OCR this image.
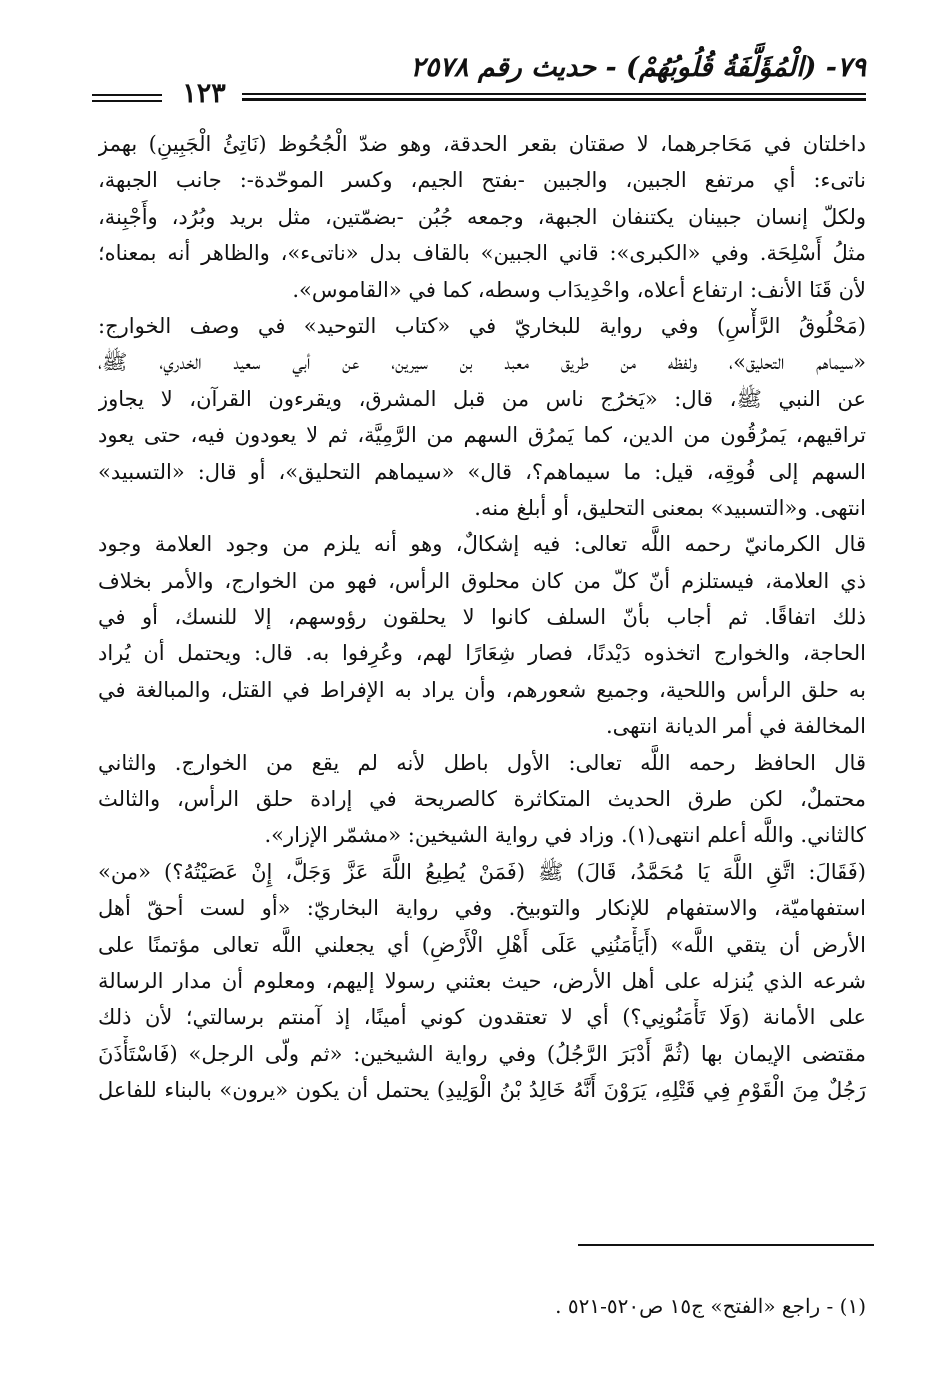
٧٩- (الْمُؤَلَّفَةُ قُلُوبُهُمْ) - حديث رقم ٢٥٧٨
١٢٣
داخلتان في مَحَاجرهما، لا صقتان بقعر الحدقة، وهو ضدّ الْجُحُوظ (نَاتِئُ الْجَبِينِ) بهمز
ناتىء: أي مرتفع الجبين، والجبين -بفتح الجيم، وكسر الموحّدة-: جانب الجبهة،
ولكلّ إنسان جبينان يكتنفان الجبهة، وجمعه جُبُن -بضمّتين، مثل بريد وبُرُد، وأَجْبِنة،
مثلُ أَسْلِحَة. وفي «الكبرى»: قاني الجبين» بالقاف بدل «ناتىء»، والظاهر أنه بمعناه؛
لأن قَنَا الأنف: ارتفاع أعلاه، واحْدِيدَاب وسطه، كما في «القاموس».
(مَحْلُوقُ الرَّأْسِ) وفي رواية للبخاريّ في «كتاب التوحيد» في وصف الخوارج:
«سيماهم التحليق»، ولفظه من طريق معبد بن سيرين، عن أبي سعيد الخدري، ﷺ،
عن النبي ﷺ، قال: «يَخرُج ناس من قبل المشرق، ويقرءون القرآن، لا يجاوز
تراقيهم، يَمرُقُون من الدين، كما يَمرُق السهم من الرَّمِيَّة، ثم لا يعودون فيه، حتى يعود
السهم إلى فُوقِه، قيل: ما سيماهم؟، قال» «سيماهم التحليق»، أو قال: «التسبيد»
انتهى. و«التسبيد» بمعنى التحليق، أو أبلغ منه.
قال الكرمانيّ رحمه اللَّه تعالى: فيه إشكالٌ، وهو أنه يلزم من وجود العلامة وجود
ذي العلامة، فيستلزم أنّ كلّ من كان محلوق الرأس، فهو من الخوارج، والأمر بخلاف
ذلك اتفاقًا. ثم أجاب بأنّ السلف كانوا لا يحلقون رؤوسهم، إلا للنسك، أو في
الحاجة، والخوارج اتخذوه دَيْدنًا، فصار شِعَارًا لهم، وعُرِفوا به. قال: ويحتمل أن يُراد
به حلق الرأس واللحية، وجميع شعورهم، وأن يراد به الإفراط في القتل، والمبالغة في
المخالفة في أمر الديانة انتهى.
قال الحافظ رحمه اللَّه تعالى: الأول باطل لأنه لم يقع من الخوارج. والثاني
محتملٌ، لكن طرق الحديث المتكاثرة كالصريحة في إرادة حلق الرأس، والثالث
كالثاني. واللَّه أعلم انتهى(١). وزاد في رواية الشيخين: «مشمّر الإزار».
(فَقَالَ: اتَّقِ اللَّهَ يَا مُحَمَّدُ، قَالَ) ﷺ (فَمَنْ يُطِيعُ اللَّهَ عَزَّ وَجَلَّ، إِنْ عَصَيْتُهُ؟) «من»
استفهاميّة، والاستفهام للإنكار والتوبيخ. وفي رواية البخاريّ: «أو لست أحقّ أهل
الأرض أن يتقي اللَّه» (أَيَأْمَنُنِي عَلَى أَهْلِ الْأَرْضِ) أي يجعلني اللَّه تعالى مؤتمنًا على
شرعه الذي يُنزله على أهل الأرض، حيث بعثني رسولا إليهم، ومعلوم أن مدار الرسالة
على الأمانة (وَلَا تَأْمَنُونِي؟) أي لا تعتقدون كوني أمينًا، إذ آمنتم برسالتي؛ لأن ذلك
مقتضى الإيمان بها (ثُمَّ أَدْبَرَ الرَّجُلُ) وفي رواية الشيخين: «ثم ولّى الرجل» (فَاسْتَأْذَنَ
رَجُلٌ مِنَ الْقَوْمِ فِي قَتْلِهِ، يَرَوْنَ أَنَّهُ خَالِدُ بْنُ الْوَلِيدِ) يحتمل أن يكون «يرون» بالبناء للفاعل
(١) - راجع «الفتح» ج١٥ ص٥٢٠-٥٢١ .
